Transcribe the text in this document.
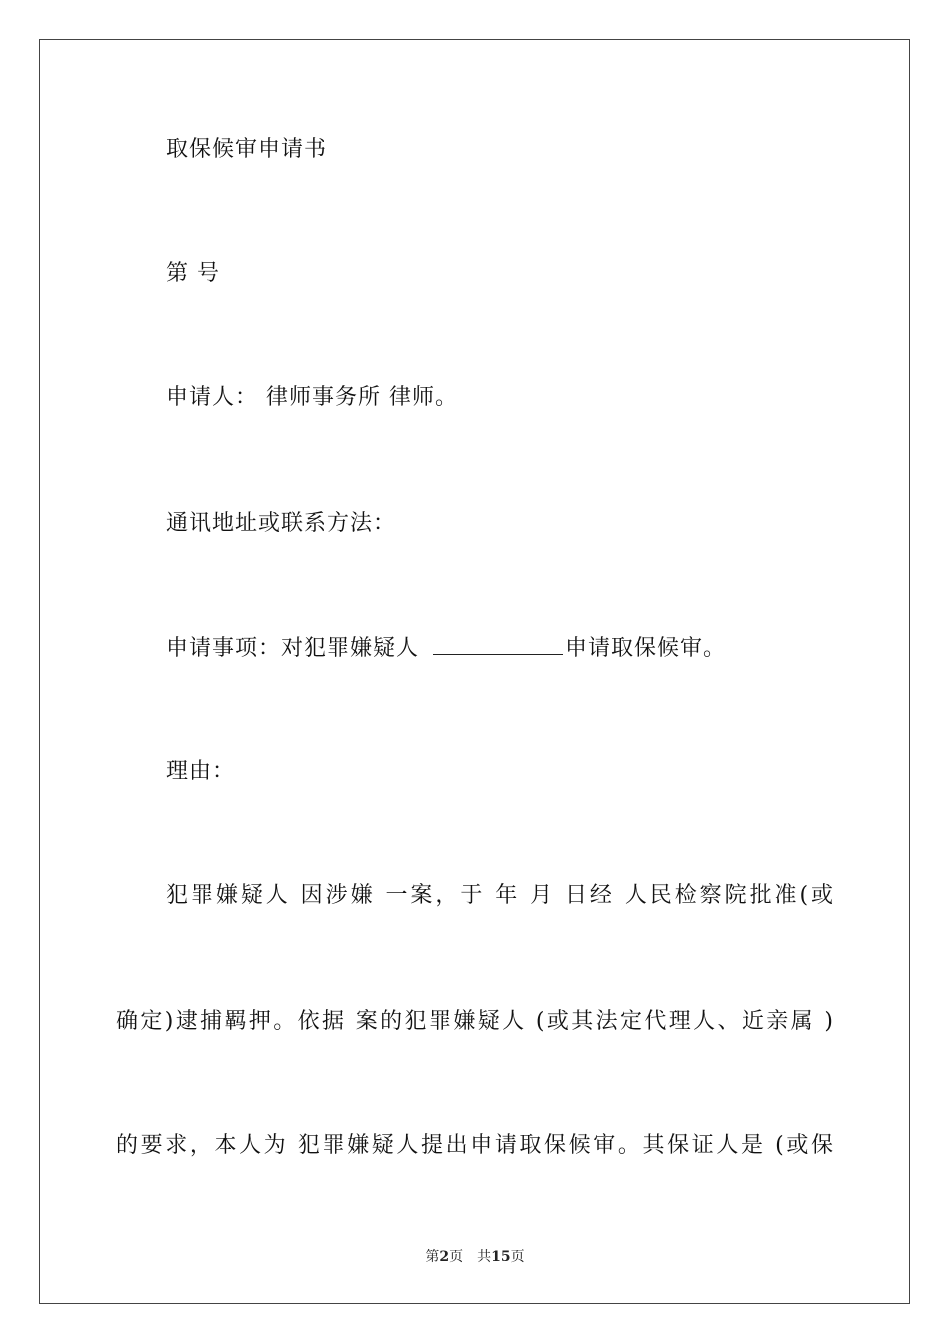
取保候审申请书
第 号
申请人： 律师事务所 律师。
通讯地址或联系方法：
申请事项：对犯罪嫌疑人	申请取保候审。
理由：
犯罪嫌疑人 因涉嫌 一案，于 年 月 日经 人民检察院批准(或
确定)逮捕羁押。依据 案的犯罪嫌疑人 (或其法定代理人、近亲属 )
的要求，本人为 犯罪嫌疑人提出申请取保候审。其保证人是 (或保
第2页　共15页
